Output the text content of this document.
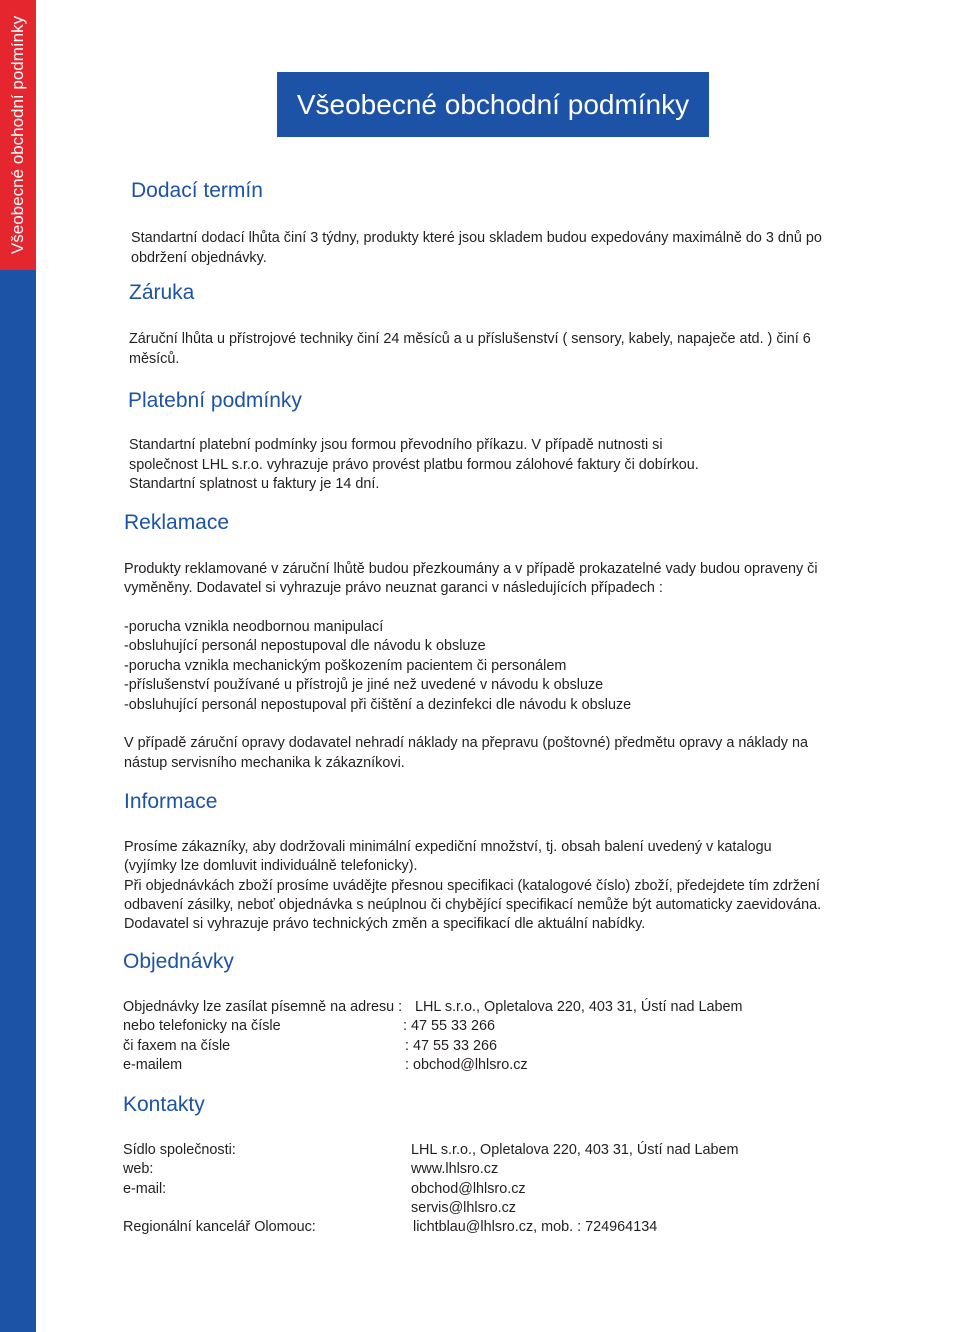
Všeobecné obchodní podmínky	Všeobecné obchodní podmínky
Dodací termín

Standartní dodací lhůta činí 3 týdny, produkty které jsou skladem budou expedovány maximálně do 3 dnů po obdržení objednávky.

Záruka

Záruční lhůta u přístrojové techniky činí 24 měsíců a u příslušenství ( sensory, kabely, napaječe atd. ) činí 6 měsíců.

Platební podmínky
Standartní platební podmínky jsou formou převodního příkazu. V případě nutnosti si
společnost LHL s.r.o. vyhrazuje právo provést platbu formou zálohové faktury či dobírkou.
Standartní splatnost u faktury je 14 dní.
Reklamace
Produkty reklamované v záruční lhůtě budou přezkoumány a v případě prokazatelné vady budou opraveny či
vyměněny. Dodavatel si vyhrazuje právo neuznat garanci v následujících případech :
-porucha vznikla neodbornou manipulací
-obsluhující personál nepostupoval dle návodu k obsluze
-porucha vznikla mechanickým poškozením pacientem či personálem
-příslušenství používané u přístrojů je jiné než uvedené v návodu k obsluze
-obsluhující personál nepostupoval při čištění a dezinfekci dle návodu k obsluze
V případě záruční opravy dodavatel nehradí náklady na přepravu (poštovné) předmětu opravy a náklady na
nástup servisního mechanika k zákazníkovi.
Informace
Prosíme zákazníky, aby dodržovali minimální expediční množství, tj. obsah balení uvedený v katalogu
(vyjímky lze domluvit individuálně telefonicky).
Při objednávkách zboží prosíme uvádějte přesnou specifikaci (katalogové číslo) zboží, předejdete tím zdržení
odbavení zásilky, neboť objednávka s neúplnou či chybějící specifikací nemůže být automaticky zaevidována.
Dodavatel si vyhrazuje právo technických změn a specifikací dle aktuální nabídky.
Objednávky
Objednávky lze zasílat písemně na adresu : LHL s.r.o., Opletalova 220, 403 31, Ústí nad Labem
nebo telefonicky na čísle	: 47 55 33 266
či faxem na čísle	: 47 55 33 266
e-mailem	: obchod@lhlsro.cz
Kontakty
Sídlo společnosti:	LHL s.r.o., Opletalova 220, 403 31, Ústí nad Labem
web:	www.lhlsro.cz
e-mail:	obchod@lhlsro.cz
servis@lhlsro.cz
Regionální kancelář Olomouc:	lichtblau@lhlsro.cz, mob. : 724964134
